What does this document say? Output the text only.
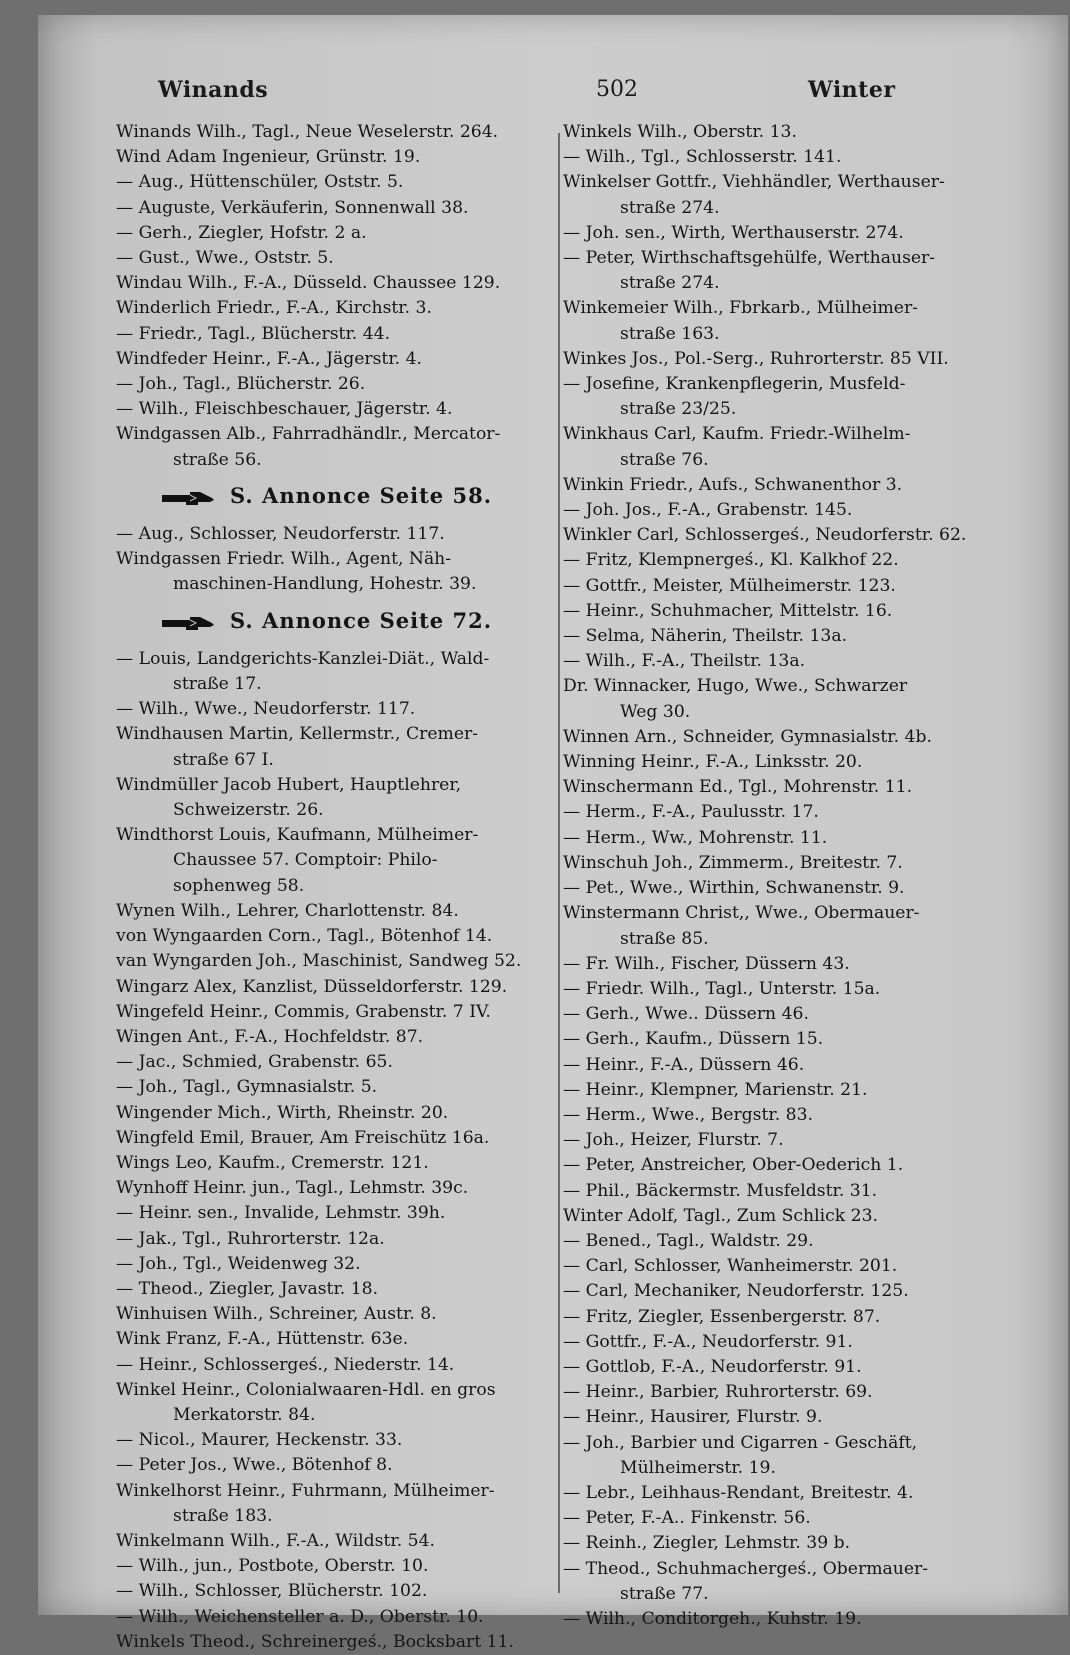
Winands	502	Winter
Winands Wilh., Tagl., Neue Weselerstr. 264.
Wind Adam Ingenieur, Grünstr. 19.
— Aug., Hüttenschüler, Oststr. 5.
— Auguste, Verkäuferin, Sonnenwall 38.
— Gerh., Ziegler, Hofstr. 2 a.
— Gust., Wwe., Oststr. 5.
Windau Wilh., F.-A., Düsseld. Chaussee 129.
Winderlich Friedr., F.-A., Kirchstr. 3.
— Friedr., Tagl., Blücherstr. 44.
Windfeder Heinr., F.-A., Jägerstr. 4.
— Joh., Tagl., Blücherstr. 26.
— Wilh., Fleischbeschauer, Jägerstr. 4.
Windgassen Alb., Fahrradhändlr., Mercator-

straße 56.
S. Annonce Seite 58.
— Aug., Schlosser, Neudorferstr. 117.
Windgassen Friedr. Wilh., Agent, Näh-

maschinen-Handlung, Hohestr. 39.
S. Annonce Seite 72.
— Louis, Landgerichts-Kanzlei-Diät., Wald-

straße 17.
— Wilh., Wwe., Neudorferstr. 117.
Windhausen Martin, Kellermstr., Cremer-

straße 67 I.
Windmüller Jacob Hubert, Hauptlehrer,

Schweizerstr. 26.
Windthorst Louis, Kaufmann, Mülheimer-

Chaussee 57. Comptoir: Philo-
sophenweg 58.
Wynen Wilh., Lehrer, Charlottenstr. 84.
von Wyngaarden Corn., Tagl., Bötenhof 14.
van Wyngarden Joh., Maschinist, Sandweg 52.
Wingarz Alex, Kanzlist, Düsseldorferstr. 129.
Wingefeld Heinr., Commis, Grabenstr. 7 IV.
Wingen Ant., F.-A., Hochfeldstr. 87.
— Jac., Schmied, Grabenstr. 65.
— Joh., Tagl., Gymnasialstr. 5.
Wingender Mich., Wirth, Rheinstr. 20.
Wingfeld Emil, Brauer, Am Freischütz 16a.
Wings Leo, Kaufm., Cremerstr. 121.
Wynhoff Heinr. jun., Tagl., Lehmstr. 39c.
— Heinr. sen., Invalide, Lehmstr. 39h.
— Jak., Tgl., Ruhrorterstr. 12a.
— Joh., Tgl., Weidenweg 32.
— Theod., Ziegler, Javastr. 18.
Winhuisen Wilh., Schreiner, Austr. 8.
Wink Franz, F.-A., Hüttenstr. 63e.
— Heinr., Schlossergeś., Niederstr. 14.
Winkel Heinr., Colonialwaaren-Hdl. en gros

Merkatorstr. 84.
— Nicol., Maurer, Heckenstr. 33.
— Peter Jos., Wwe., Bötenhof 8.
Winkelhorst Heinr., Fuhrmann, Mülheimer-

straße 183.
Winkelmann Wilh., F.-A., Wildstr. 54.
— Wilh., jun., Postbote, Oberstr. 10.
— Wilh., Schlosser, Blücherstr. 102.
— Wilh., Weichensteller a. D., Oberstr. 10.
Winkels Theod., Schreinergeś., Bocksbart 11.
Winkels Wilh., Oberstr. 13.
— Wilh., Tgl., Schlosserstr. 141.
Winkelser Gottfr., Viehhändler, Werthauser-

straße 274.
— Joh. sen., Wirth, Werthauserstr. 274.
— Peter, Wirthschaftsgehülfe, Werthauser-

straße 274.
Winkemeier Wilh., Fbrkarb., Mülheimer-

straße 163.
Winkes Jos., Pol.-Serg., Ruhrorterstr. 85 VII.
— Josefine, Krankenpflegerin, Musfeld-

straße 23/25.
Winkhaus Carl, Kaufm. Friedr.-Wilhelm-

straße 76.
Winkin Friedr., Aufs., Schwanenthor 3.
— Joh. Jos., F.-A., Grabenstr. 145.
Winkler Carl, Schlossergeś., Neudorferstr. 62.
— Fritz, Klempnergeś., Kl. Kalkhof 22.
— Gottfr., Meister, Mülheimerstr. 123.
— Heinr., Schuhmacher, Mittelstr. 16.
— Selma, Näherin, Theilstr. 13a.
— Wilh., F.-A., Theilstr. 13a.
Dr. Winnacker, Hugo, Wwe., Schwarzer

Weg 30.
Winnen Arn., Schneider, Gymnasialstr. 4b.
Winning Heinr., F.-A., Linksstr. 20.
Winschermann Ed., Tgl., Mohrenstr. 11.
— Herm., F.-A., Paulusstr. 17.
— Herm., Ww., Mohrenstr. 11.
Winschuh Joh., Zimmerm., Breitestr. 7.
— Pet., Wwe., Wirthin, Schwanenstr. 9.
Winstermann Christ,, Wwe., Obermauer-

straße 85.
— Fr. Wilh., Fischer, Düssern 43.
— Friedr. Wilh., Tagl., Unterstr. 15a.
— Gerh., Wwe.. Düssern 46.
— Gerh., Kaufm., Düssern 15.
— Heinr., F.-A., Düssern 46.
— Heinr., Klempner, Marienstr. 21.
— Herm., Wwe., Bergstr. 83.
— Joh., Heizer, Flurstr. 7.
— Peter, Anstreicher, Ober-Oederich 1.
— Phil., Bäckermstr. Musfeldstr. 31.
Winter Adolf, Tagl., Zum Schlick 23.
— Bened., Tagl., Waldstr. 29.
— Carl, Schlosser, Wanheimerstr. 201.
— Carl, Mechaniker, Neudorferstr. 125.
— Fritz, Ziegler, Essenbergerstr. 87.
— Gottfr., F.-A., Neudorferstr. 91.
— Gottlob, F.-A., Neudorferstr. 91.
— Heinr., Barbier, Ruhrorterstr. 69.
— Heinr., Hausirer, Flurstr. 9.
— Joh., Barbier und Cigarren - Geschäft,

Mülheimerstr. 19.
— Lebr., Leihhaus-Rendant, Breitestr. 4.
— Peter, F.-A.. Finkenstr. 56.
— Reinh., Ziegler, Lehmstr. 39 b.
— Theod., Schuhmachergeś., Obermauer-

straße 77.
— Wilh., Conditorgeh., Kuhstr. 19.
